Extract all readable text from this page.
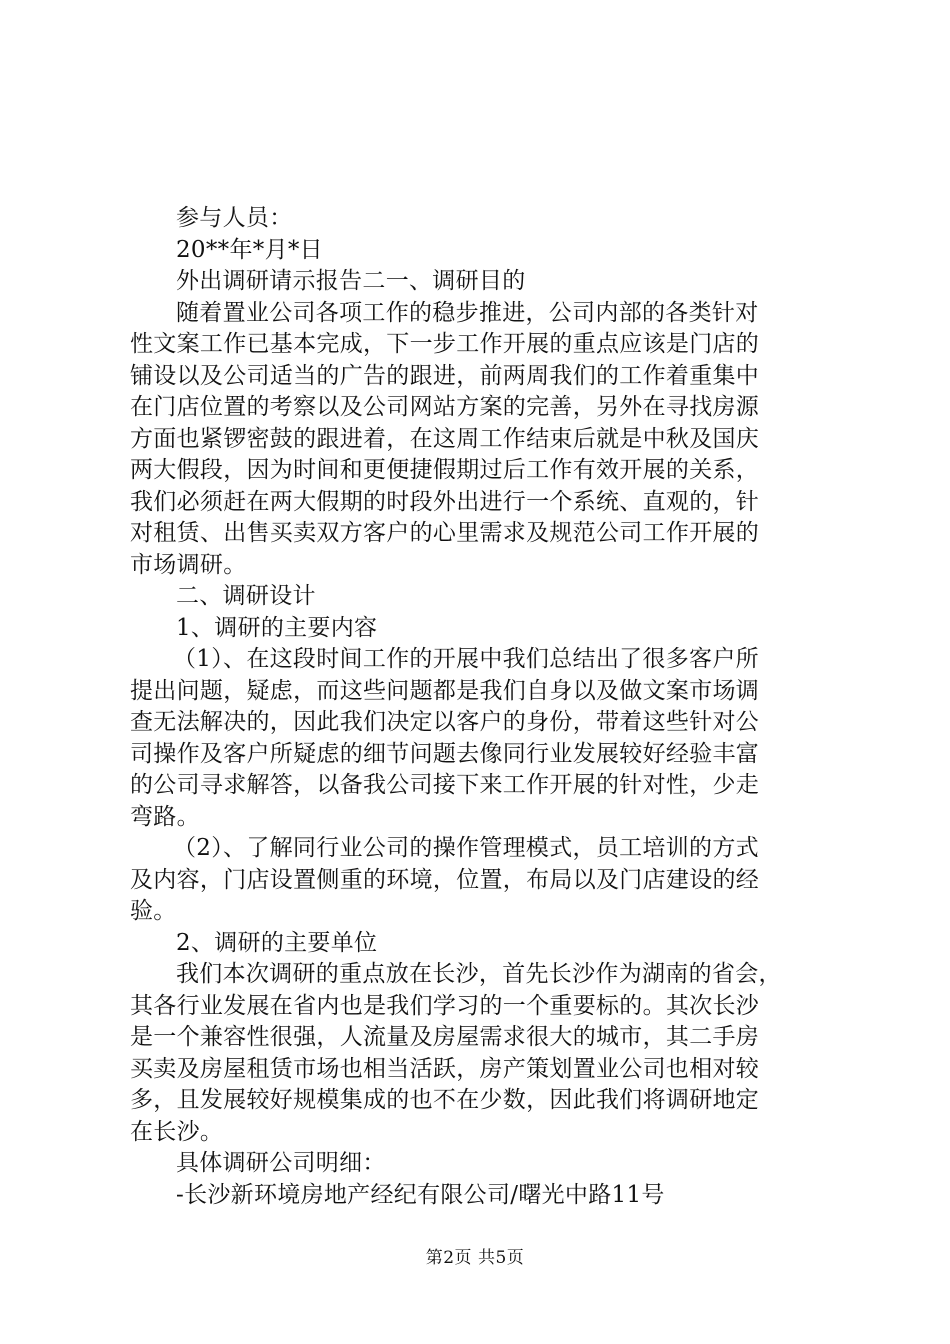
参与人员：
20**年*月*日
外出调研请示报告二一、调研目的
随着置业公司各项工作的稳步推进，公司内部的各类针对
性文案工作已基本完成，下一步工作开展的重点应该是门店的
铺设以及公司适当的广告的跟进，前两周我们的工作着重集中
在门店位置的考察以及公司网站方案的完善，另外在寻找房源
方面也紧锣密鼓的跟进着，在这周工作结束后就是中秋及国庆
两大假段，因为时间和更便捷假期过后工作有效开展的关系，
我们必须赶在两大假期的时段外出进行一个系统、直观的，针
对租赁、出售买卖双方客户的心里需求及规范公司工作开展的
市场调研。
二、调研设计
1、调研的主要内容
（1）、在这段时间工作的开展中我们总结出了很多客户所
提出问题，疑虑，而这些问题都是我们自身以及做文案市场调
查无法解决的，因此我们决定以客户的身份，带着这些针对公
司操作及客户所疑虑的细节问题去像同行业发展较好经验丰富
的公司寻求解答，以备我公司接下来工作开展的针对性，少走
弯路。
（2）、了解同行业公司的操作管理模式，员工培训的方式
及内容，门店设置侧重的环境，位置，布局以及门店建设的经
验。
2、调研的主要单位
我们本次调研的重点放在长沙，首先长沙作为湖南的省会，
其各行业发展在省内也是我们学习的一个重要标的。其次长沙
是一个兼容性很强，人流量及房屋需求很大的城市，其二手房
买卖及房屋租赁市场也相当活跃，房产策划置业公司也相对较
多，且发展较好规模集成的也不在少数，因此我们将调研地定
在长沙。
具体调研公司明细：
-长沙新环境房地产经纪有限公司/曙光中路11号
第2页 共5页
